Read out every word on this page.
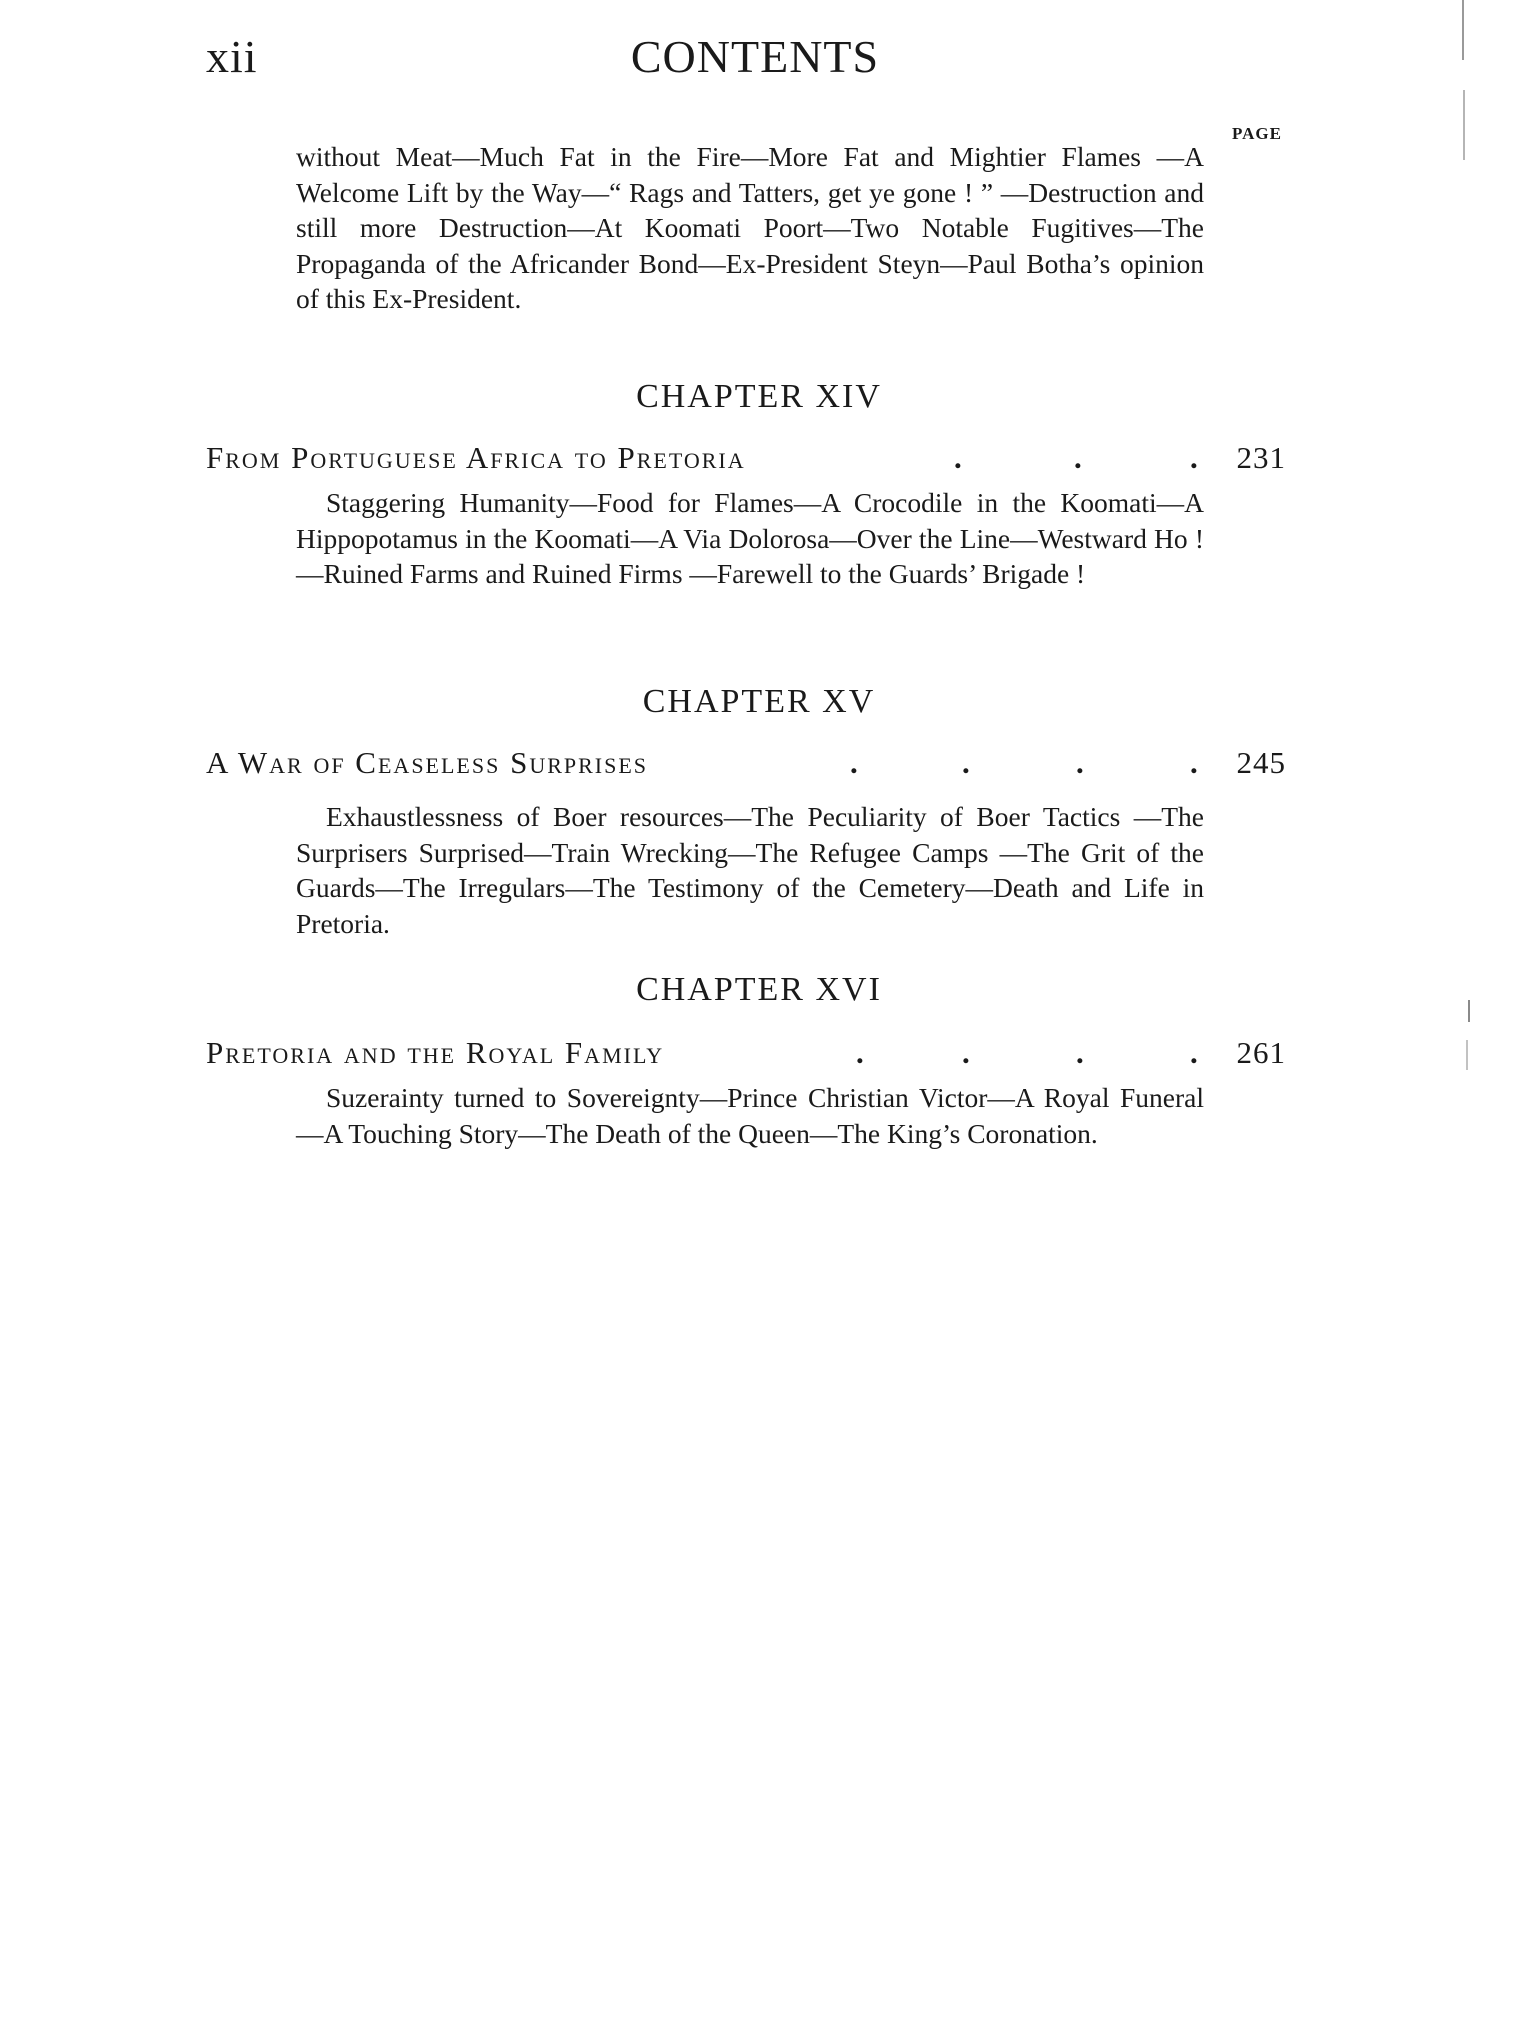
xii	CONTENTS
PAGE

without Meat—Much Fat in the Fire—More Fat and Mightier Flames —A Welcome Lift by the Way—“ Rags and Tatters, get ye gone ! ” —Destruction and still more Destruction—At Koomati Poort—Two Notable Fugitives—The Propaganda of the Africander Bond—Ex-President Steyn—Paul Botha’s opinion of this Ex-President.

CHAPTER XIV
From Portuguese Africa to Pretoria	.	.	. 231

Staggering Humanity—Food for Flames—A Crocodile in the Koomati—A Hippopotamus in the Koomati—A Via Dolorosa—Over the Line—Westward Ho !—Ruined Farms and Ruined Firms —Farewell to the Guards’ Brigade !

CHAPTER XV
A War of Ceaseless Surprises	.	.	.	. 245

Exhaustlessness of Boer resources—The Peculiarity of Boer Tactics —The Surprisers Surprised—Train Wrecking—The Refugee Camps —The Grit of the Guards—The Irregulars—The Testimony of the Cemetery—Death and Life in Pretoria.

CHAPTER XVI
Pretoria and the Royal Family	.	.	.	. 261

Suzerainty turned to Sovereignty—Prince Christian Victor—A Royal Funeral—A Touching Story—The Death of the Queen—The King’s Coronation.
